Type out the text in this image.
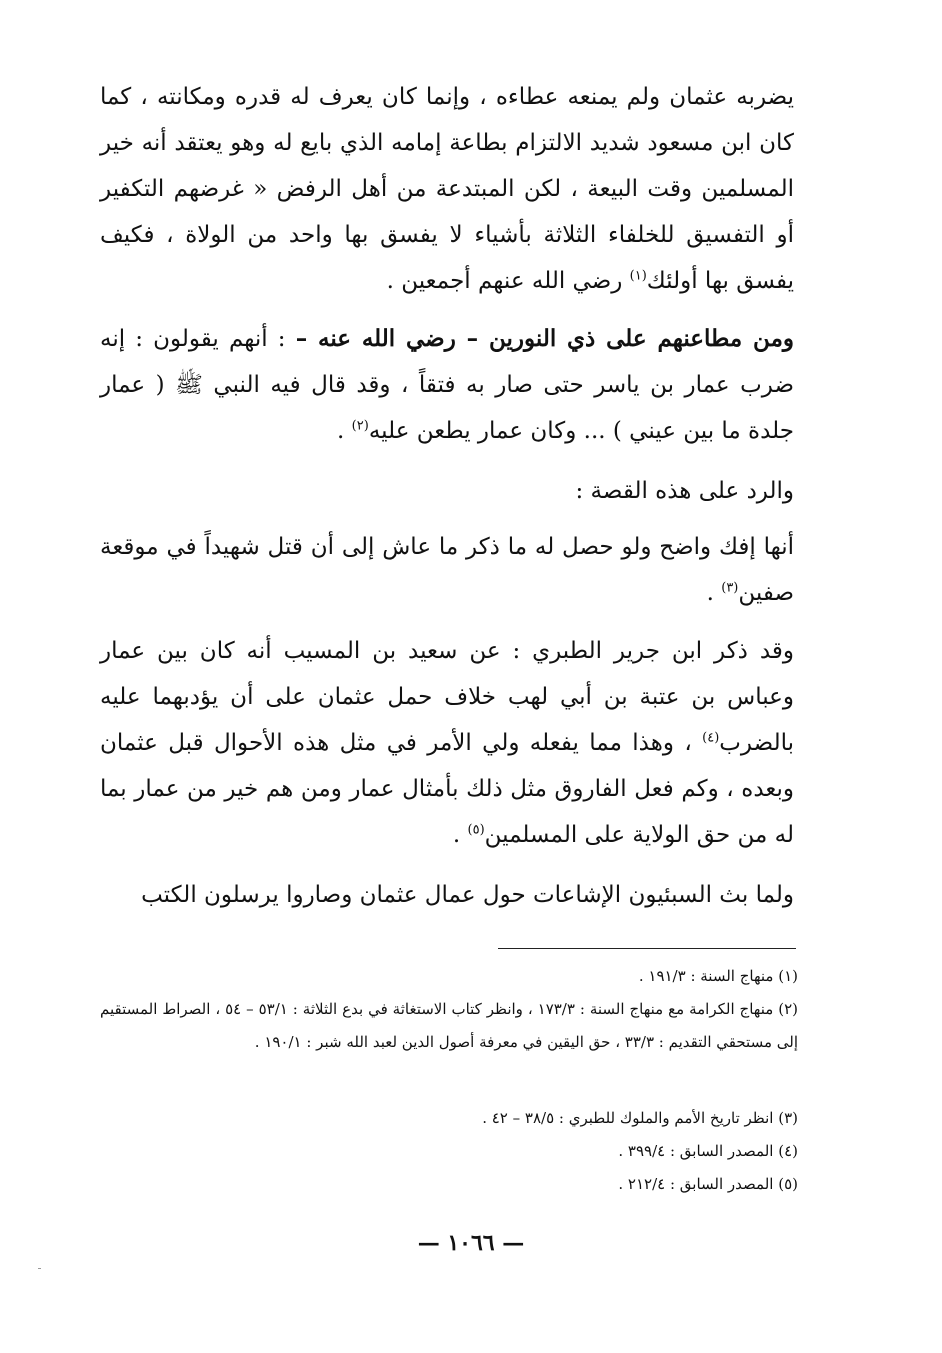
يضربه عثمان ولم يمنعه عطاءه ، وإنما كان يعرف له قدره ومكانته ، كما كان ابن مسعود شديد الالتزام بطاعة إمامه الذي بايع له وهو يعتقد أنه خير المسلمين وقت البيعة ، لكن المبتدعة من أهل الرفض « غرضهم التكفير أو التفسيق للخلفاء الثلاثة بأشياء لا يفسق بها واحد من الولاة ، فكيف يفسق بها أولئك$^{(١)}$ رضي الله عنهم أجمعين .

ومن مطاعنهم على ذي النورين – رضي الله عنه – : أنهم يقولون : إنه ضرب عمار بن ياسر حتى صار به فتقاً ، وقد قال فيه النبي ﷺ ( عمار جلدة ما بين عيني ) ... وكان عمار يطعن عليه$^{(٢)}$ .

والرد على هذه القصة :

أنها إفك واضح ولو حصل له ما ذكر ما عاش إلى أن قتل شهيداً في موقعة صفين$^{(٣)}$ .

وقد ذكر ابن جرير الطبري : عن سعيد بن المسيب أنه كان بين عمار وعباس بن عتبة بن أبي لهب خلاف حمل عثمان على أن يؤدبهما عليه بالضرب$^{(٤)}$ ، وهذا مما يفعله ولي الأمر في مثل هذه الأحوال قبل عثمان وبعده ، وكم فعل الفاروق مثل ذلك بأمثال عمار ومن هم خير من عمار بما له من حق الولاية على المسلمين$^{(٥)}$ .

ولما بث السبئيون الإشاعات حول عمال عثمان وصاروا يرسلون الكتب

(١) منهاج السنة : ١٩١/٣ .

(٢) منهاج الكرامة مع منهاج السنة : ١٧٣/٣ ، وانظر كتاب الاستغاثة في بدع الثلاثة : ٥٣/١ – ٥٤ ، الصراط المستقيم إلى مستحقي التقديم : ٣٣/٣ ، حق اليقين في معرفة أصول الدين لعبد الله شبر : ١٩٠/١ .

(٣) انظر تاريخ الأمم والملوك للطبري : ٣٨/٥ – ٤٢ .

(٤) المصدر السابق : ٣٩٩/٤ .

(٥) المصدر السابق : ٢١٢/٤ .

— ١٠٦٦ —
